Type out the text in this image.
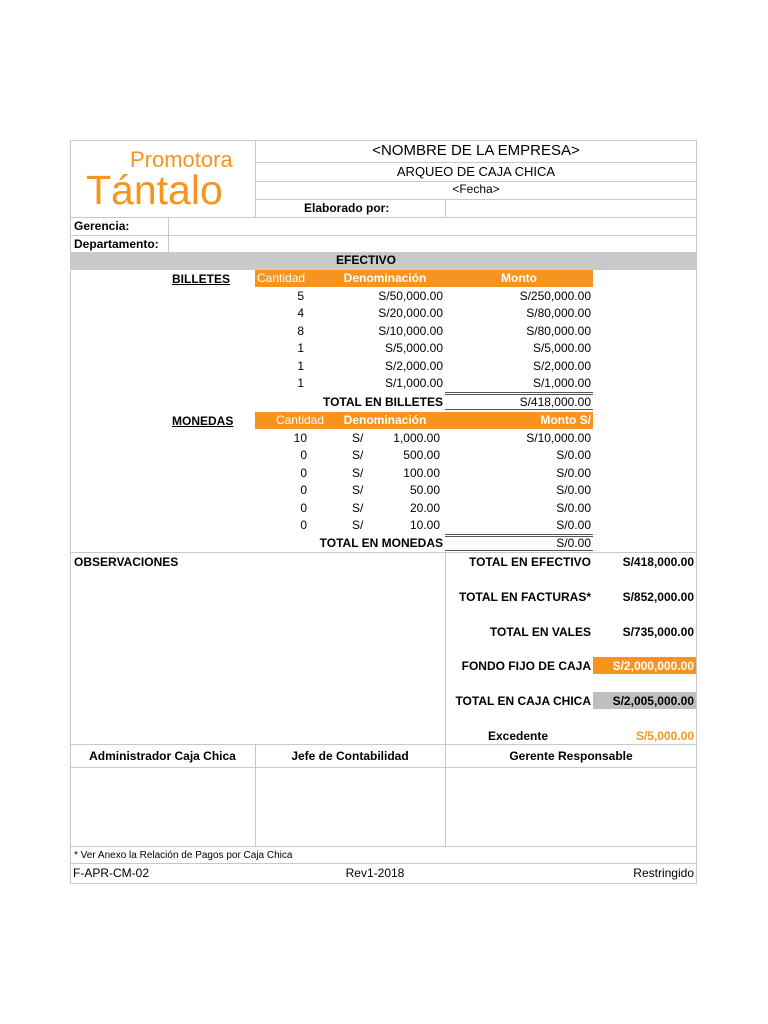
Promotora
Tántalo
<NOMBRE DE LA EMPRESA>
ARQUEO DE CAJA CHICA
<Fecha>
Elaborado por:
Gerencia:
Departamento:
EFECTIVO
BILLETES Cantidad	Denominación	Monto
5	S/50,000.00	S/250,000.00
4	S/20,000.00	S/80,000.00
8	S/10,000.00	S/80,000.00
1	S/5,000.00	S/5,000.00
1	S/2,000.00	S/2,000.00
1	S/1,000.00	S/1,000.00
TOTAL EN BILLETES	S/418,000.00
MONEDAS	Cantidad	Denominación	Monto S/
10	S/	1,000.00	S/10,000.00
0	S/	500.00	S/0.00
0	S/	100.00	S/0.00
0	S/	50.00	S/0.00
0	S/	20.00	S/0.00
0	S/	10.00	S/0.00
TOTAL EN MONEDAS	S/0.00
OBSERVACIONES	TOTAL EN EFECTIVO	S/418,000.00
TOTAL EN FACTURAS*	S/852,000.00
TOTAL EN VALES	S/735,000.00
FONDO FIJO DE CAJA	S/2,000,000.00
TOTAL EN CAJA CHICA	S/2,005,000.00
Excedente	S/5,000.00
Administrador Caja Chica	Jefe de Contabilidad	Gerente Responsable
* Ver Anexo la Relación de Pagos por Caja Chica
F-APR-CM-02	Rev1-2018	Restringido
